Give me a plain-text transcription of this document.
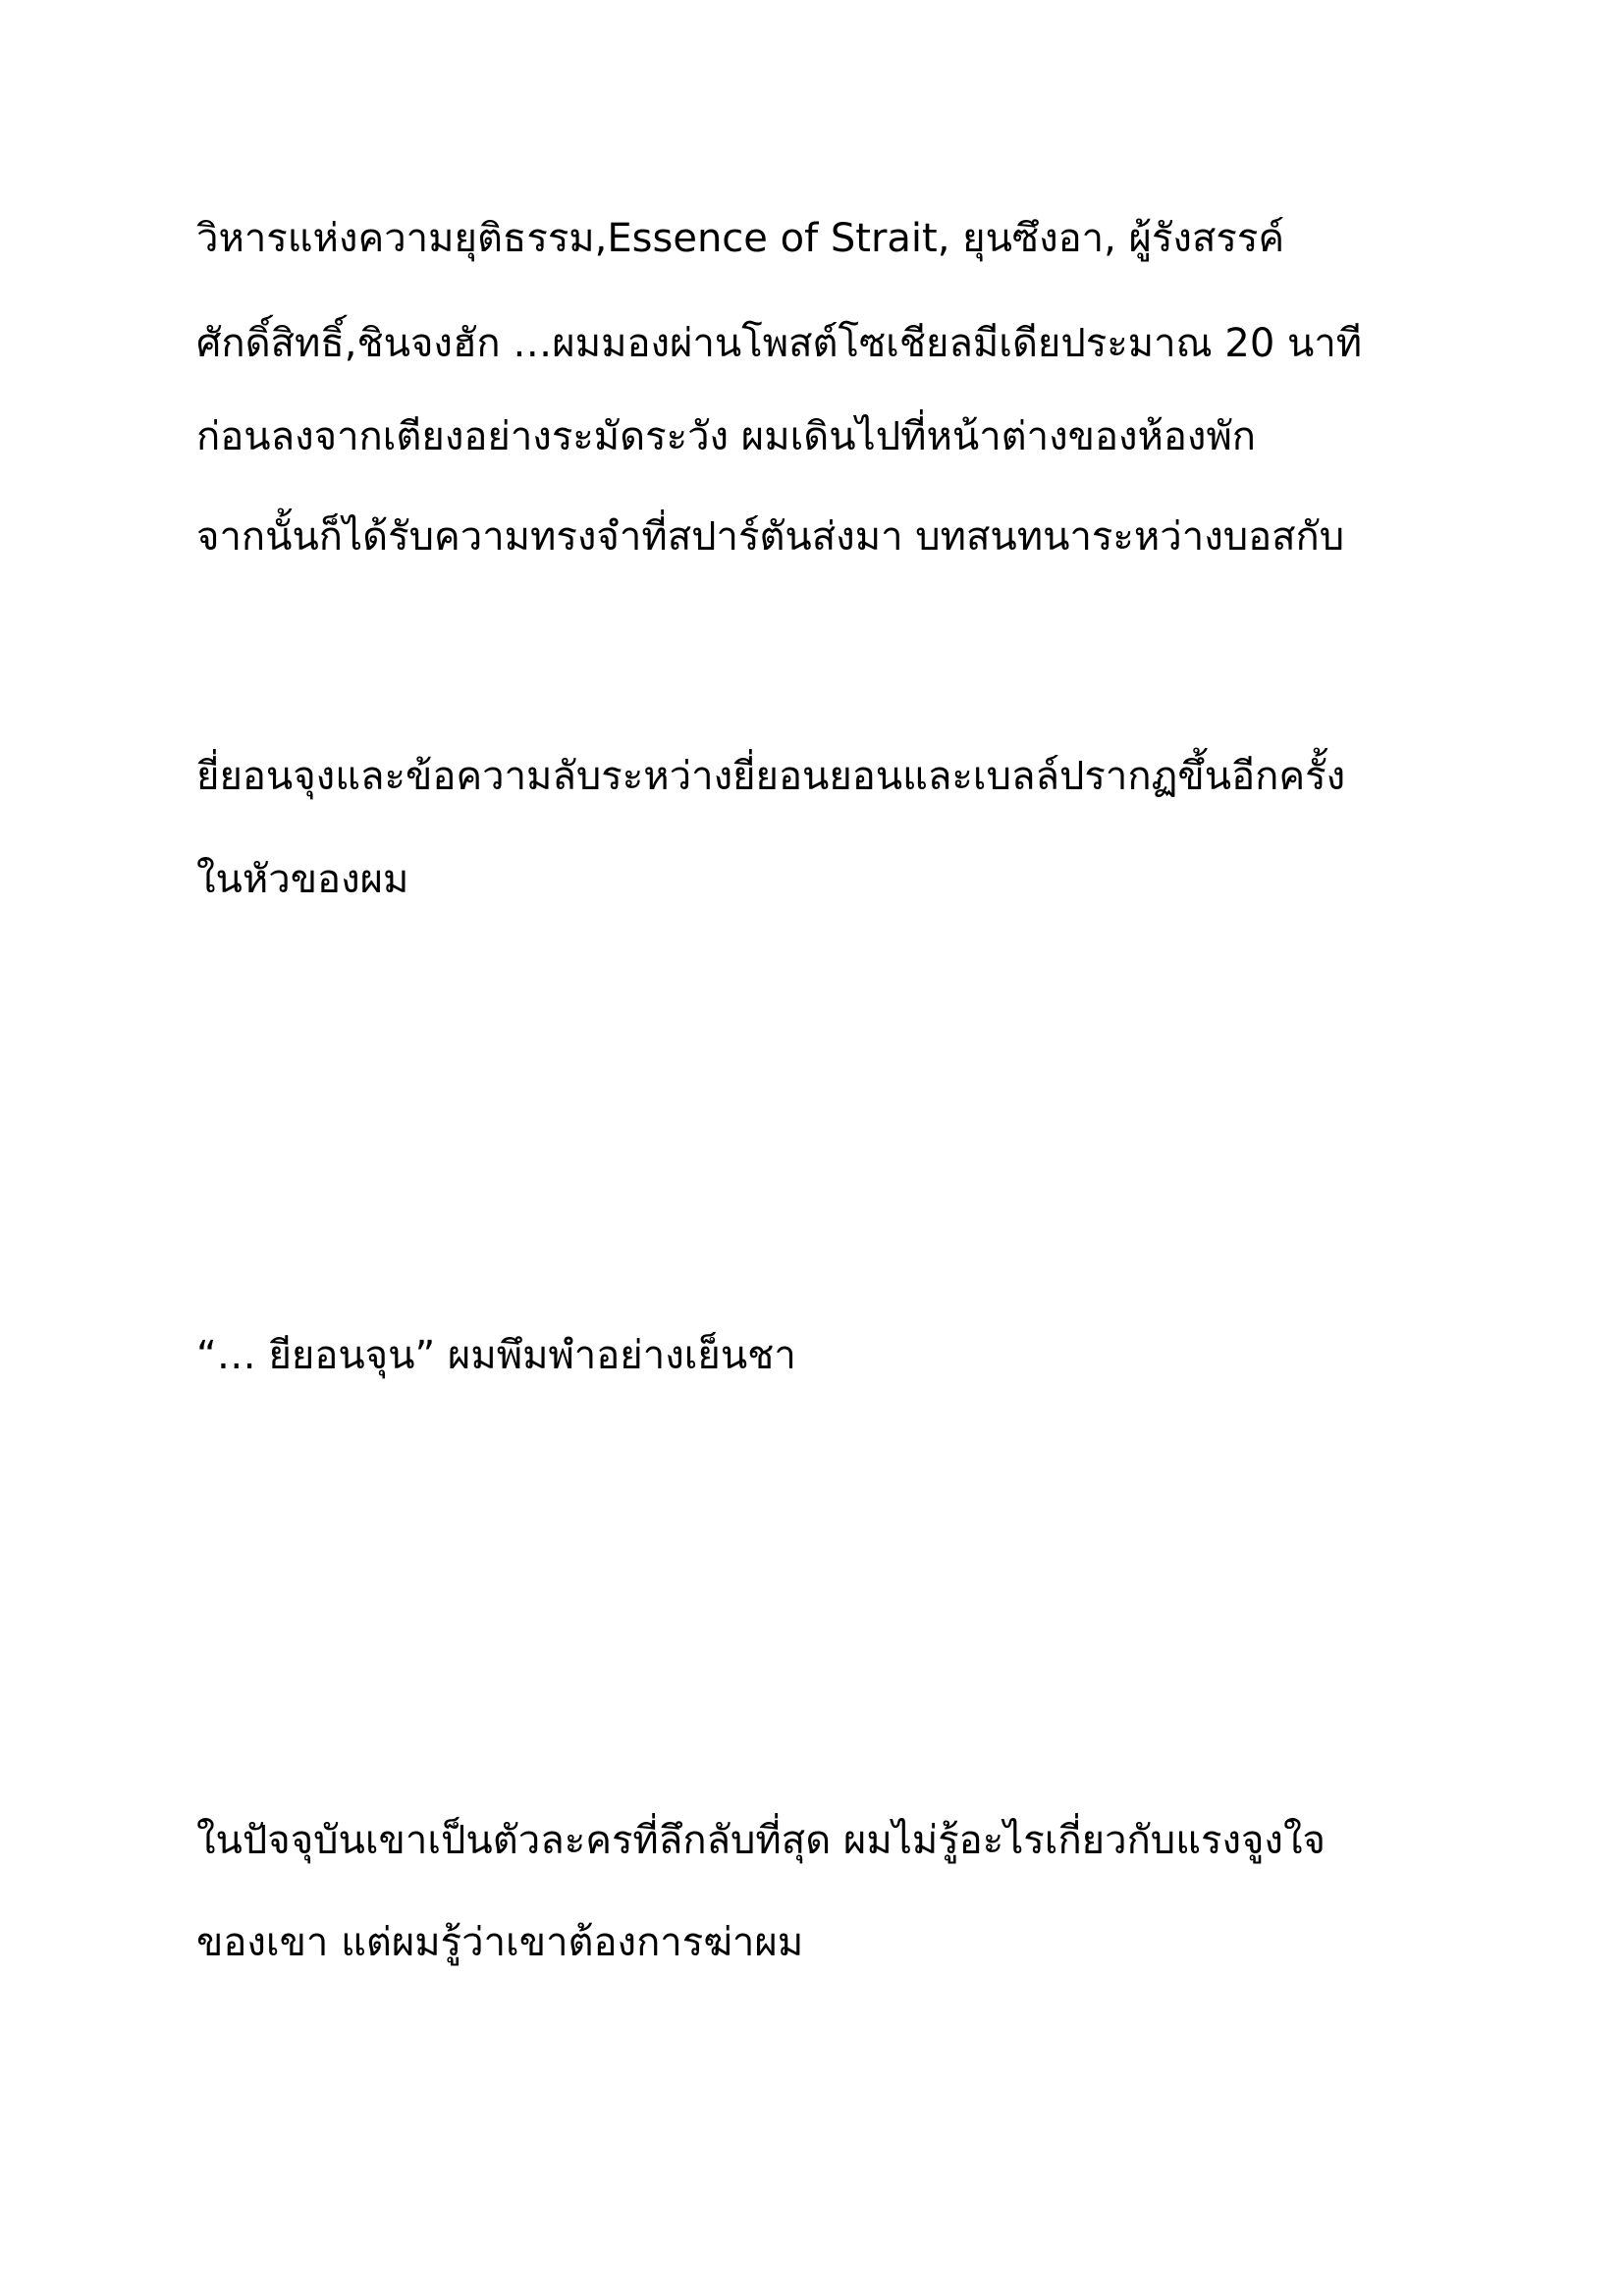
วิหารแห่งความยุติธรรม,Essence of Strait, ยุนซึงอา, ผู้รังสรรค์
ศักดิ์สิทธิ์,ชินจงฮัก …ผมมองผ่านโพสต์โซเชียลมีเดียประมาณ 20 นาที
ก่อนลงจากเตียงอย่างระมัดระวัง ผมเดินไปที่หน้าต่างของห้องพัก
จากนั้นก็ได้รับความทรงจำที่สปาร์ตันส่งมา บทสนทนาระหว่างบอสกับ
ยี่ยอนจุงและข้อความลับระหว่างยี่ยอนยอนและเบลล์ปรากฏขึ้นอีกครั้ง
ในหัวของผม
“… ยียอนจุน” ผมพึมพำอย่างเย็นชา
ในปัจจุบันเขาเป็นตัวละครที่ลึกลับที่สุด ผมไม่รู้อะไรเกี่ยวกับแรงจูงใจ
ของเขา แต่ผมรู้ว่าเขาต้องการฆ่าผม
